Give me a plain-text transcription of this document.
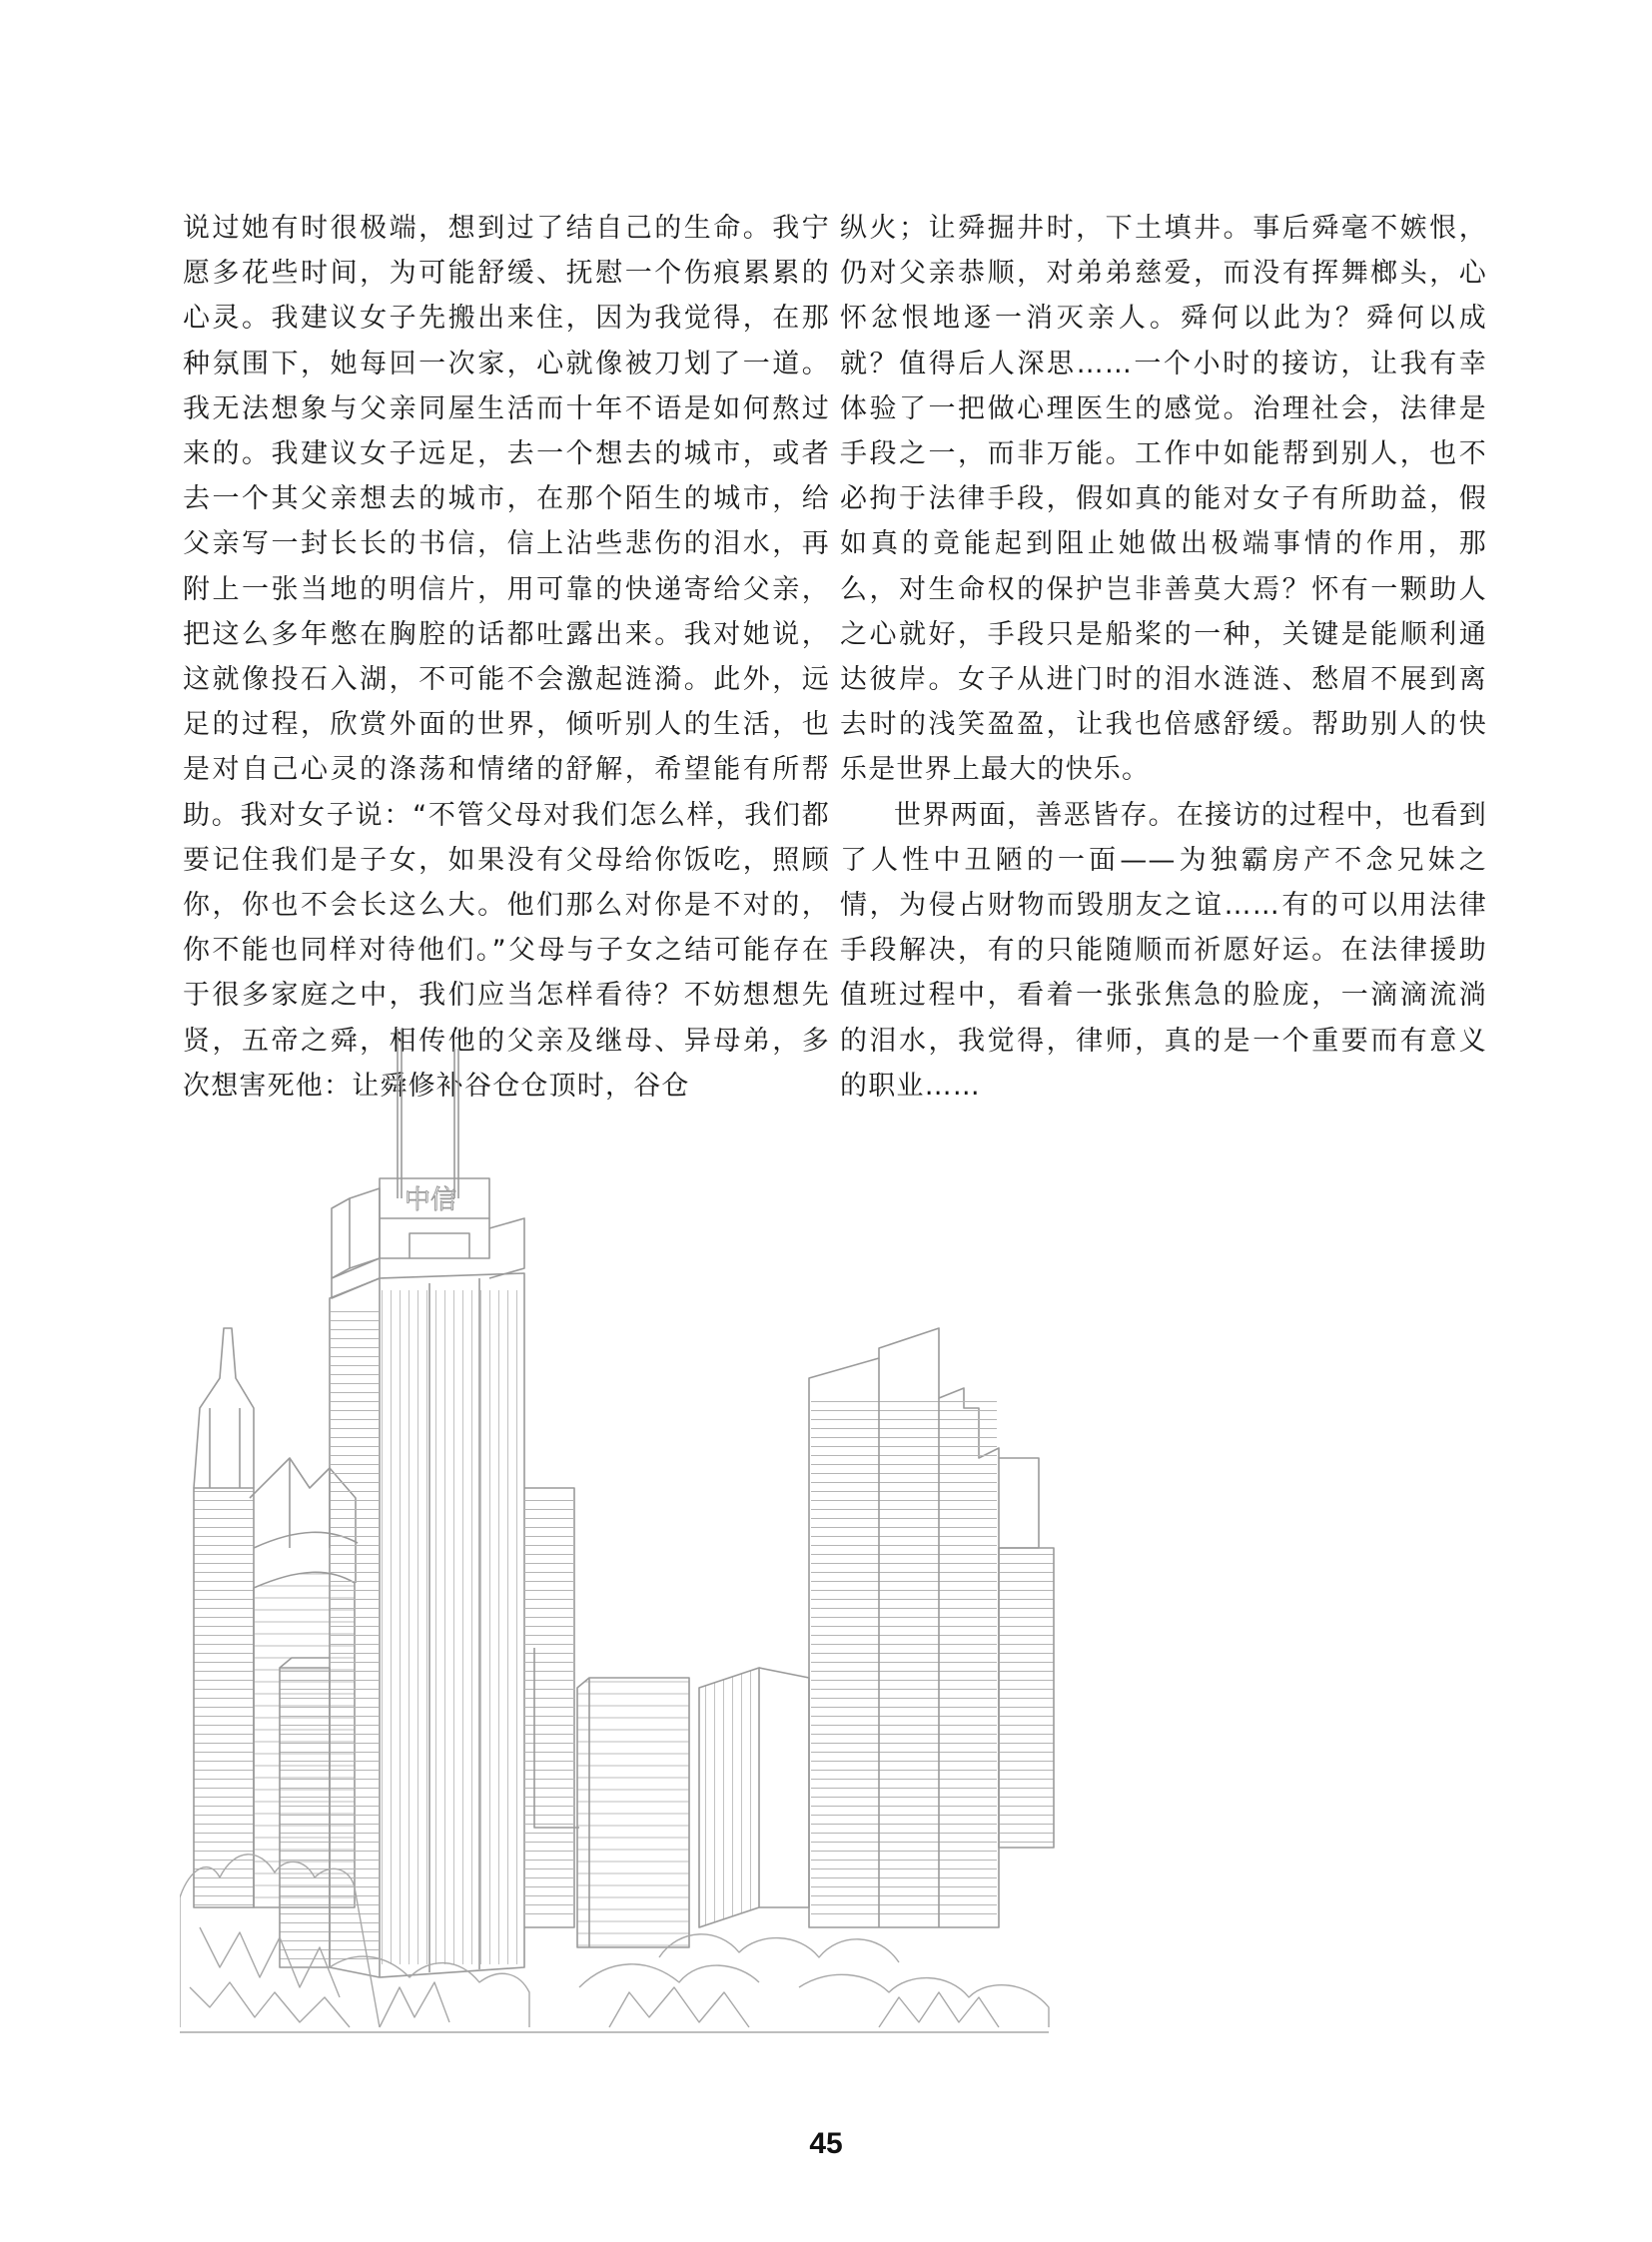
说过她有时很极端，想到过了结自己的生命。我宁愿多花些时间，为可能舒缓、抚慰一个伤痕累累的心灵。我建议女子先搬出来住，因为我觉得，在那种氛围下，她每回一次家，心就像被刀划了一道。我无法想象与父亲同屋生活而十年不语是如何熬过来的。我建议女子远足，去一个想去的城市，或者去一个其父亲想去的城市，在那个陌生的城市，给父亲写一封长长的书信，信上沾些悲伤的泪水，再附上一张当地的明信片，用可靠的快递寄给父亲，把这么多年憋在胸腔的话都吐露出来。我对她说，这就像投石入湖，不可能不会激起涟漪。此外，远足的过程，欣赏外面的世界，倾听别人的生活，也是对自己心灵的涤荡和情绪的舒解，希望能有所帮助。我对女子说：“不管父母对我们怎么样，我们都要记住我们是子女，如果没有父母给你饭吃，照顾你，你也不会长这么大。他们那么对你是不对的，你不能也同样对待他们。”父母与子女之结可能存在于很多家庭之中，我们应当怎样看待？不妨想想先贤，五帝之舜，相传他的父亲及继母、异母弟，多次想害死他：让舜修补谷仓仓顶时，谷仓

纵火；让舜掘井时，下土填井。事后舜毫不嫉恨，仍对父亲恭顺，对弟弟慈爱，而没有挥舞榔头，心怀忿恨地逐一消灭亲人。舜何以此为？舜何以成就？值得后人深思……一个小时的接访，让我有幸体验了一把做心理医生的感觉。治理社会，法律是手段之一，而非万能。工作中如能帮到别人，也不必拘于法律手段，假如真的能对女子有所助益，假如真的竟能起到阻止她做出极端事情的作用，那么，对生命权的保护岂非善莫大焉？怀有一颗助人之心就好，手段只是船桨的一种，关键是能顺利通达彼岸。女子从进门时的泪水涟涟、愁眉不展到离去时的浅笑盈盈，让我也倍感舒缓。帮助别人的快乐是世界上最大的快乐。

世界两面，善恶皆存。在接访的过程中，也看到了人性中丑陋的一面——为独霸房产不念兄妹之情，为侵占财物而毁朋友之谊……有的可以用法律手段解决，有的只能随顺而祈愿好运。在法律援助值班过程中，看着一张张焦急的脸庞，一滴滴流淌的泪水，我觉得，律师，真的是一个重要而有意义的职业……

中信
45
